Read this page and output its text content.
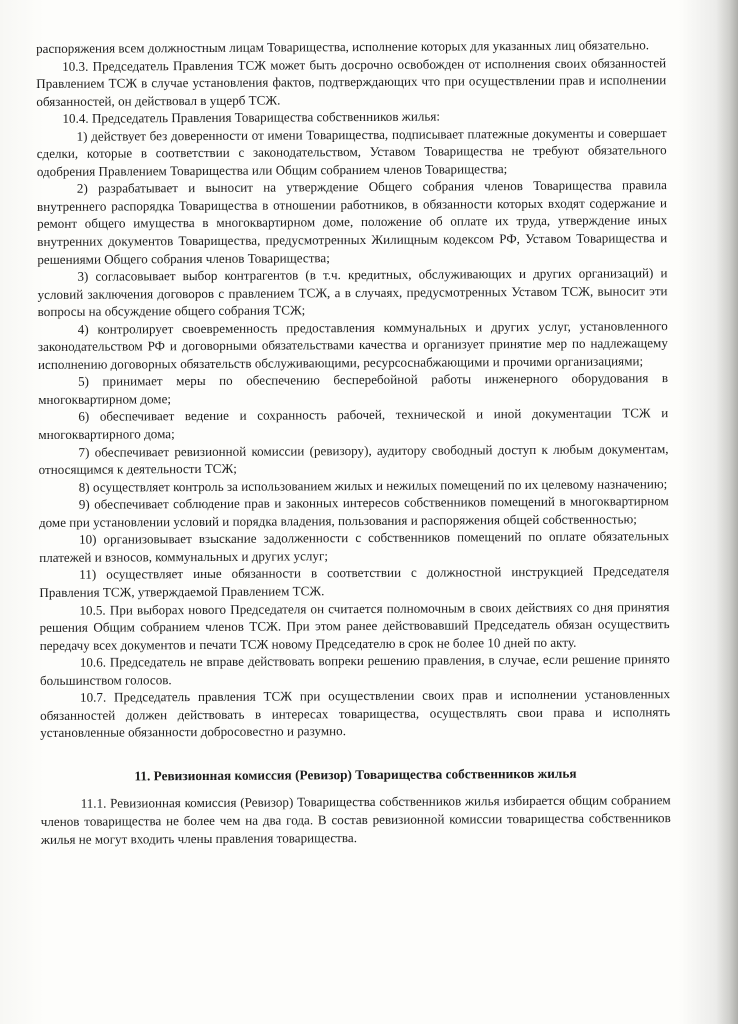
распоряжения всем должностным лицам Товарищества, исполнение которых для указанных лиц обязательно.

10.3. Председатель Правления ТСЖ может быть досрочно освобожден от исполнения своих обязанностей Правлением ТСЖ в случае установления фактов, подтверждающих что при осуществлении прав и исполнении обязанностей, он действовал в ущерб ТСЖ.

10.4. Председатель Правления Товарищества собственников жилья:

1) действует без доверенности от имени Товарищества, подписывает платежные документы и совершает сделки, которые в соответствии с законодательством, Уставом Товарищества не требуют обязательного одобрения Правлением Товарищества или Общим собранием членов Товарищества;

2) разрабатывает и выносит на утверждение Общего собрания членов Товарищества правила внутреннего распорядка Товарищества в отношении работников, в обязанности которых входят содержание и ремонт общего имущества в многоквартирном доме, положение об оплате их труда, утверждение иных внутренних документов Товарищества, предусмотренных Жилищным кодексом РФ, Уставом Товарищества и решениями Общего собрания членов Товарищества;

3) согласовывает выбор контрагентов (в т.ч. кредитных, обслуживающих и других организаций) и условий заключения договоров с правлением ТСЖ, а в случаях, предусмотренных Уставом ТСЖ, выносит эти вопросы на обсуждение общего собрания ТСЖ;

4) контролирует своевременность предоставления коммунальных и других услуг, установленного законодательством РФ и договорными обязательствами качества и организует принятие мер по надлежащему исполнению договорных обязательств обслуживающими, ресурсоснабжающими и прочими организациями;

5) принимает меры по обеспечению бесперебойной работы инженерного оборудования в многоквартирном доме;

6) обеспечивает ведение и сохранность рабочей, технической и иной документации ТСЖ и многоквартирного дома;

7) обеспечивает ревизионной комиссии (ревизору), аудитору свободный доступ к любым документам, относящимся к деятельности ТСЖ;

8) осуществляет контроль за использованием жилых и нежилых помещений по их целевому назначению;

9) обеспечивает соблюдение прав и законных интересов собственников помещений в многоквартирном доме при установлении условий и порядка владения, пользования и распоряжения общей собственностью;

10) организовывает взыскание задолженности с собственников помещений по оплате обязательных платежей и взносов, коммунальных и других услуг;

11) осуществляет иные обязанности в соответствии с должностной инструкцией Председателя Правления ТСЖ, утверждаемой Правлением ТСЖ.

10.5. При выборах нового Председателя он считается полномочным в своих действиях со дня принятия решения Общим собранием членов ТСЖ. При этом ранее действовавший Председатель обязан осуществить передачу всех документов и печати ТСЖ новому Председателю в срок не более 10 дней по акту.

10.6. Председатель не вправе действовать вопреки решению правления, в случае, если решение принято большинством голосов.

10.7. Председатель правления ТСЖ при осуществлении своих прав и исполнении установленных обязанностей должен действовать в интересах товарищества, осуществлять свои права и исполнять установленные обязанности добросовестно и разумно.

11. Ревизионная комиссия (Ревизор) Товарищества собственников жилья

11.1. Ревизионная комиссия (Ревизор) Товарищества собственников жилья избирается общим собранием членов товарищества не более чем на два года. В состав ревизионной комиссии товарищества собственников жилья не могут входить члены правления товарищества.
